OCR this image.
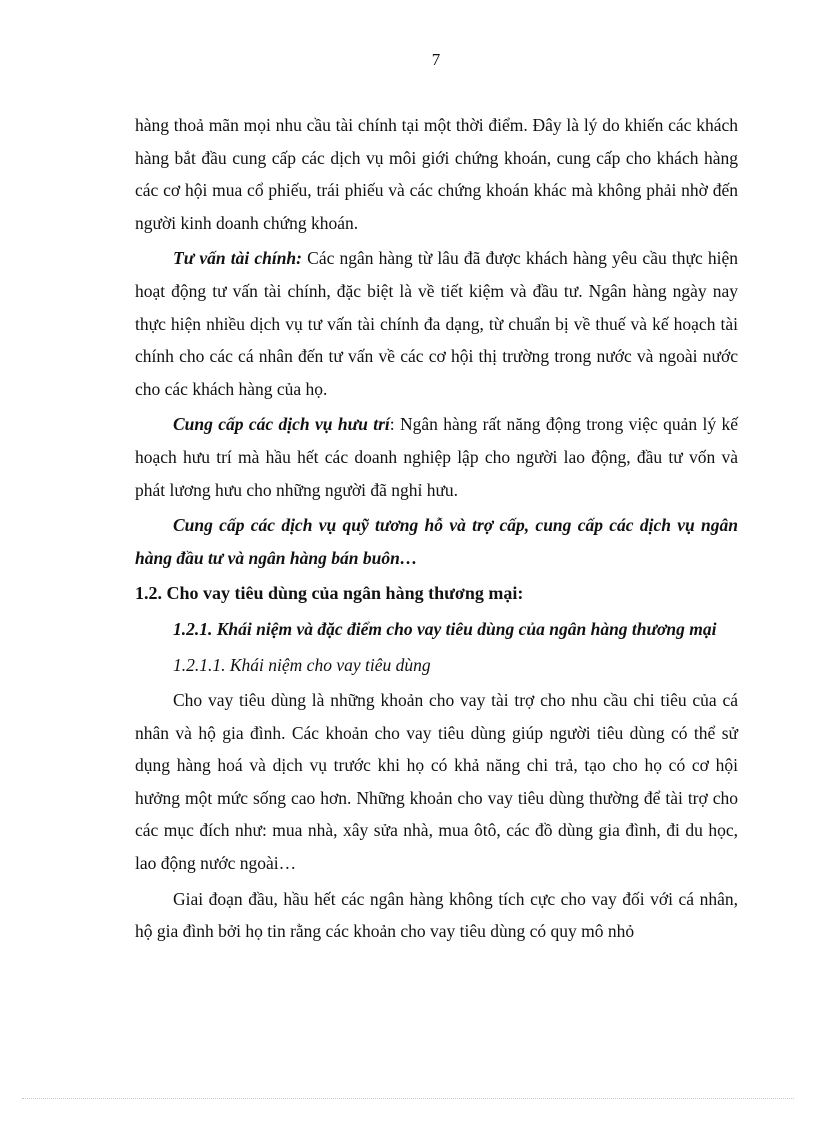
7

hàng thoả mãn mọi nhu cầu tài chính tại một thời điểm. Đây là lý do khiến các khách hàng bắt đầu cung cấp các dịch vụ môi giới chứng khoán, cung cấp cho khách hàng các cơ hội mua cổ phiếu, trái phiếu và các chứng khoán khác mà không phải nhờ đến người kinh doanh chứng khoán.

Tư vấn tài chính: Các ngân hàng từ lâu đã được khách hàng yêu cầu thực hiện hoạt động tư vấn tài chính, đặc biệt là về tiết kiệm và đầu tư. Ngân hàng ngày nay thực hiện nhiều dịch vụ tư vấn tài chính đa dạng, từ chuẩn bị về thuế và kế hoạch tài chính cho các cá nhân đến tư vấn về các cơ hội thị trường trong nước và ngoài nước cho các khách hàng của họ.

Cung cấp các dịch vụ hưu trí: Ngân hàng rất năng động trong việc quản lý kế hoạch hưu trí mà hầu hết các doanh nghiệp lập cho người lao động, đầu tư vốn và phát lương hưu cho những người đã nghỉ hưu.

Cung cấp các dịch vụ quỹ tương hỗ và trợ cấp, cung cấp các dịch vụ ngân hàng đầu tư và ngân hàng bán buôn…

1.2. Cho vay tiêu dùng của ngân hàng thương mại:

1.2.1. Khái niệm và đặc điểm cho vay tiêu dùng của ngân hàng thương mại

1.2.1.1. Khái niệm cho vay tiêu dùng

Cho vay tiêu dùng là những khoản cho vay tài trợ cho nhu cầu chi tiêu của cá nhân và hộ gia đình. Các khoản cho vay tiêu dùng giúp người tiêu dùng có thể sử dụng hàng hoá và dịch vụ trước khi họ có khả năng chi trả, tạo cho họ có cơ hội hưởng một mức sống cao hơn. Những khoản cho vay tiêu dùng thường để tài trợ cho các mục đích như: mua nhà, xây sửa nhà, mua ôtô, các đồ dùng gia đình, đi du học, lao động nước ngoài…

Giai đoạn đầu, hầu hết các ngân hàng không tích cực cho vay đối với cá nhân, hộ gia đình bởi họ tin rằng các khoản cho vay tiêu dùng có quy mô nhỏ
